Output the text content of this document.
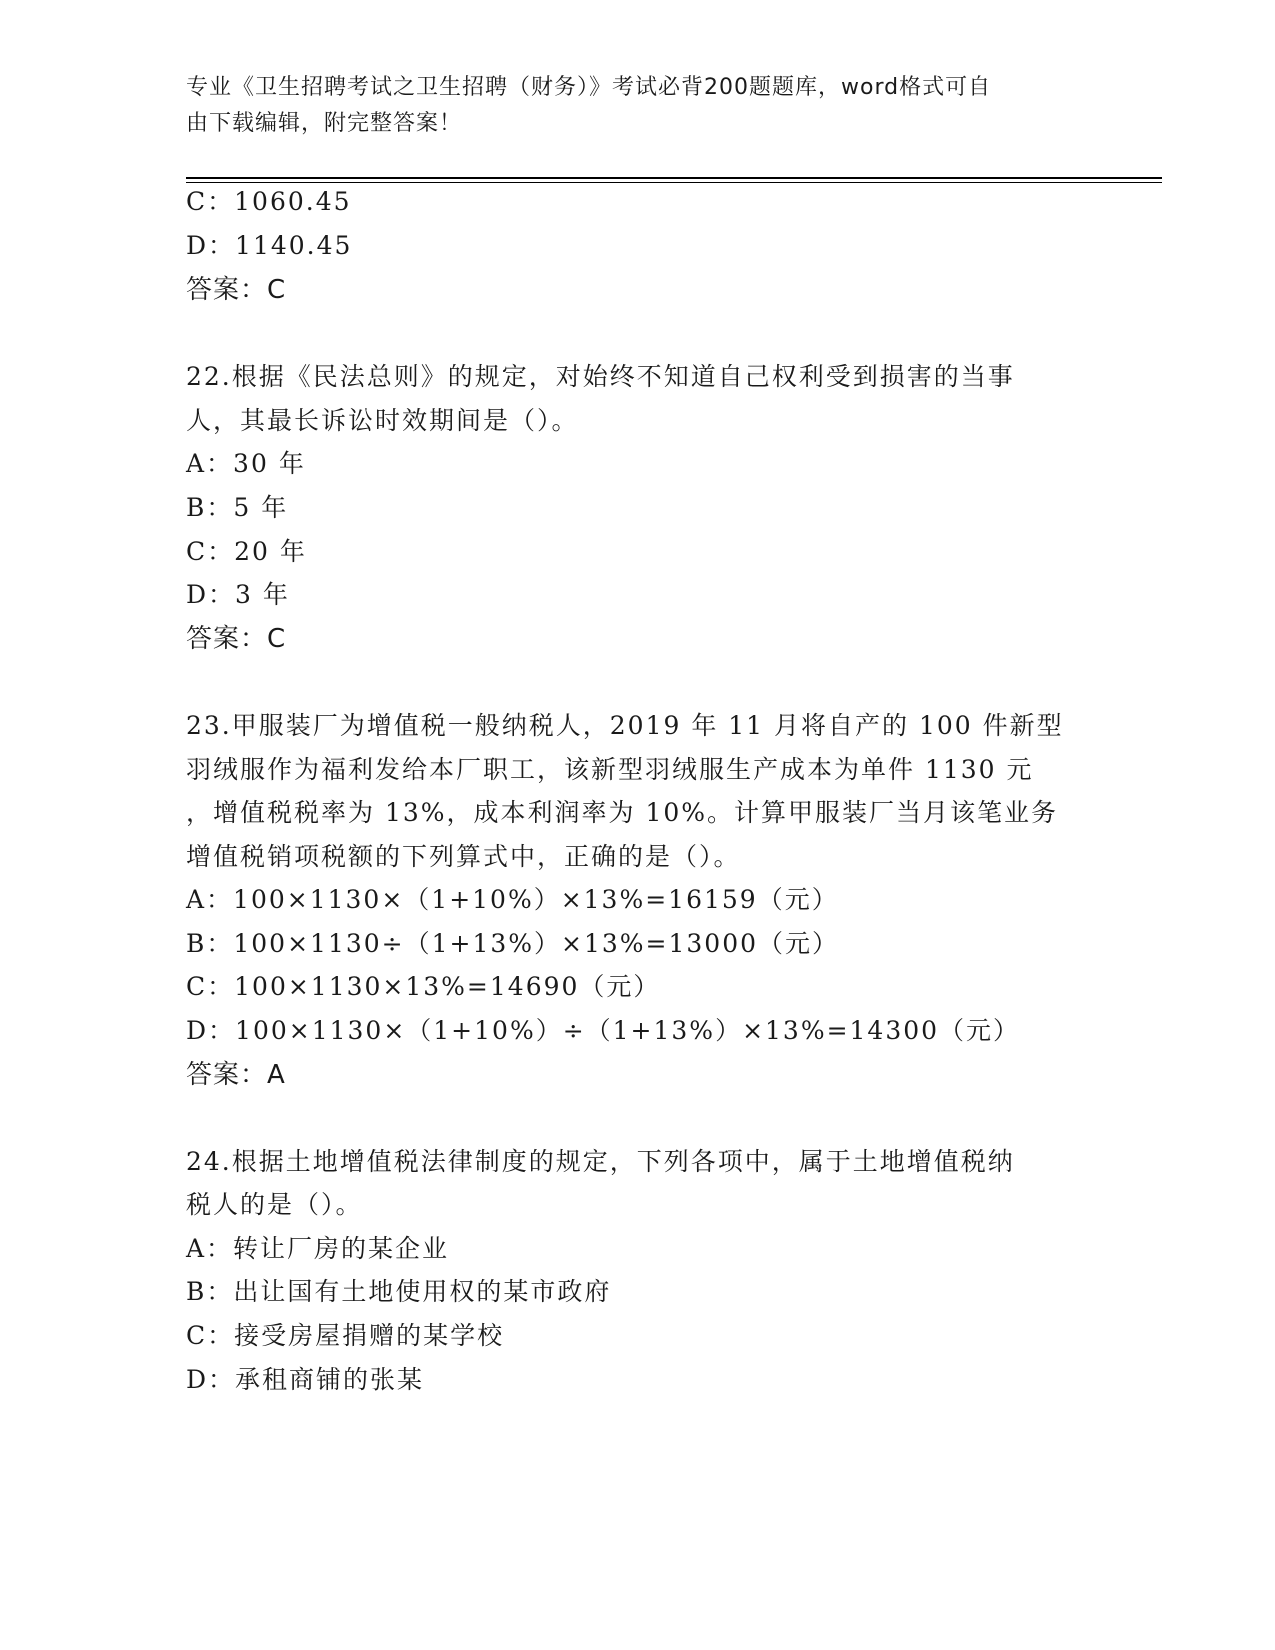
专业《卫生招聘考试之卫生招聘（财务）》考试必背200题题库，word格式可自
由下载编辑，附完整答案！
C：1060.45
D：1140.45
答案：C
22.根据《民法总则》的规定，对始终不知道自己权利受到损害的当事
人，其最长诉讼时效期间是（）。
A：30 年
B：5 年
C：20 年
D：3 年
答案：C
23.甲服装厂为增值税一般纳税人，2019 年 11 月将自产的 100 件新型
羽绒服作为福利发给本厂职工，该新型羽绒服生产成本为单件 1130 元
，增值税税率为 13%，成本利润率为 10%。计算甲服装厂当月该笔业务
增值税销项税额的下列算式中，正确的是（）。
A：100×1130×（1+10%）×13%=16159（元）
B：100×1130÷（1+13%）×13%=13000（元）
C：100×1130×13%=14690（元）
D：100×1130×（1+10%）÷（1+13%）×13%=14300（元）
答案：A
24.根据土地增值税法律制度的规定，下列各项中，属于土地增值税纳
税人的是（）。
A：转让厂房的某企业
B：出让国有土地使用权的某市政府
C：接受房屋捐赠的某学校
D：承租商铺的张某
